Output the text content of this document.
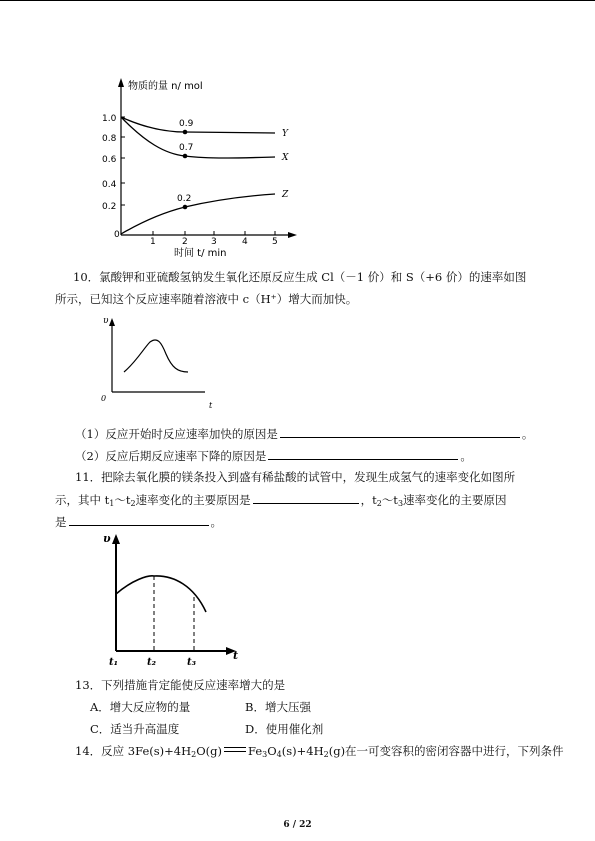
物质的量 n/ mol
1.0
0.8
0.6
0.4
0.2
0
1	2	3	4	5
时间 t/ min
0.9
0.7
0.2
Y
X
Z
10．氯酸钾和亚硫酸氢钠发生氧化还原反应生成 Cl（－1 价）和 S（+6 价）的速率如图
所示，已知这个反应速率随着溶液中 c（H⁺）增大而加快。
υ
0
t
（1）反应开始时反应速率加快的原因是	。
（2）反应后期反应速率下降的原因是	。
11．把除去氧化膜的镁条投入到盛有稀盐酸的试管中，发现生成氢气的速率变化如图所
示，其中 $t_1\sim t_2$速率变化的主要原因是	，$t_2\sim t_3$速率变化的主要原因
是	。
υ
t
t₁	t₂	t₃
13．下列措施肯定能使反应速率增大的是
A．增大反应物的量	B．增大压强
C．适当升高温度	D．使用催化剂
14．反应 $3Fe(s)+4H_2O(g)$ $Fe_3O_4(s)+4H_2(g)$在一可变容积的密闭容器中进行，下列条件
6 / 22
